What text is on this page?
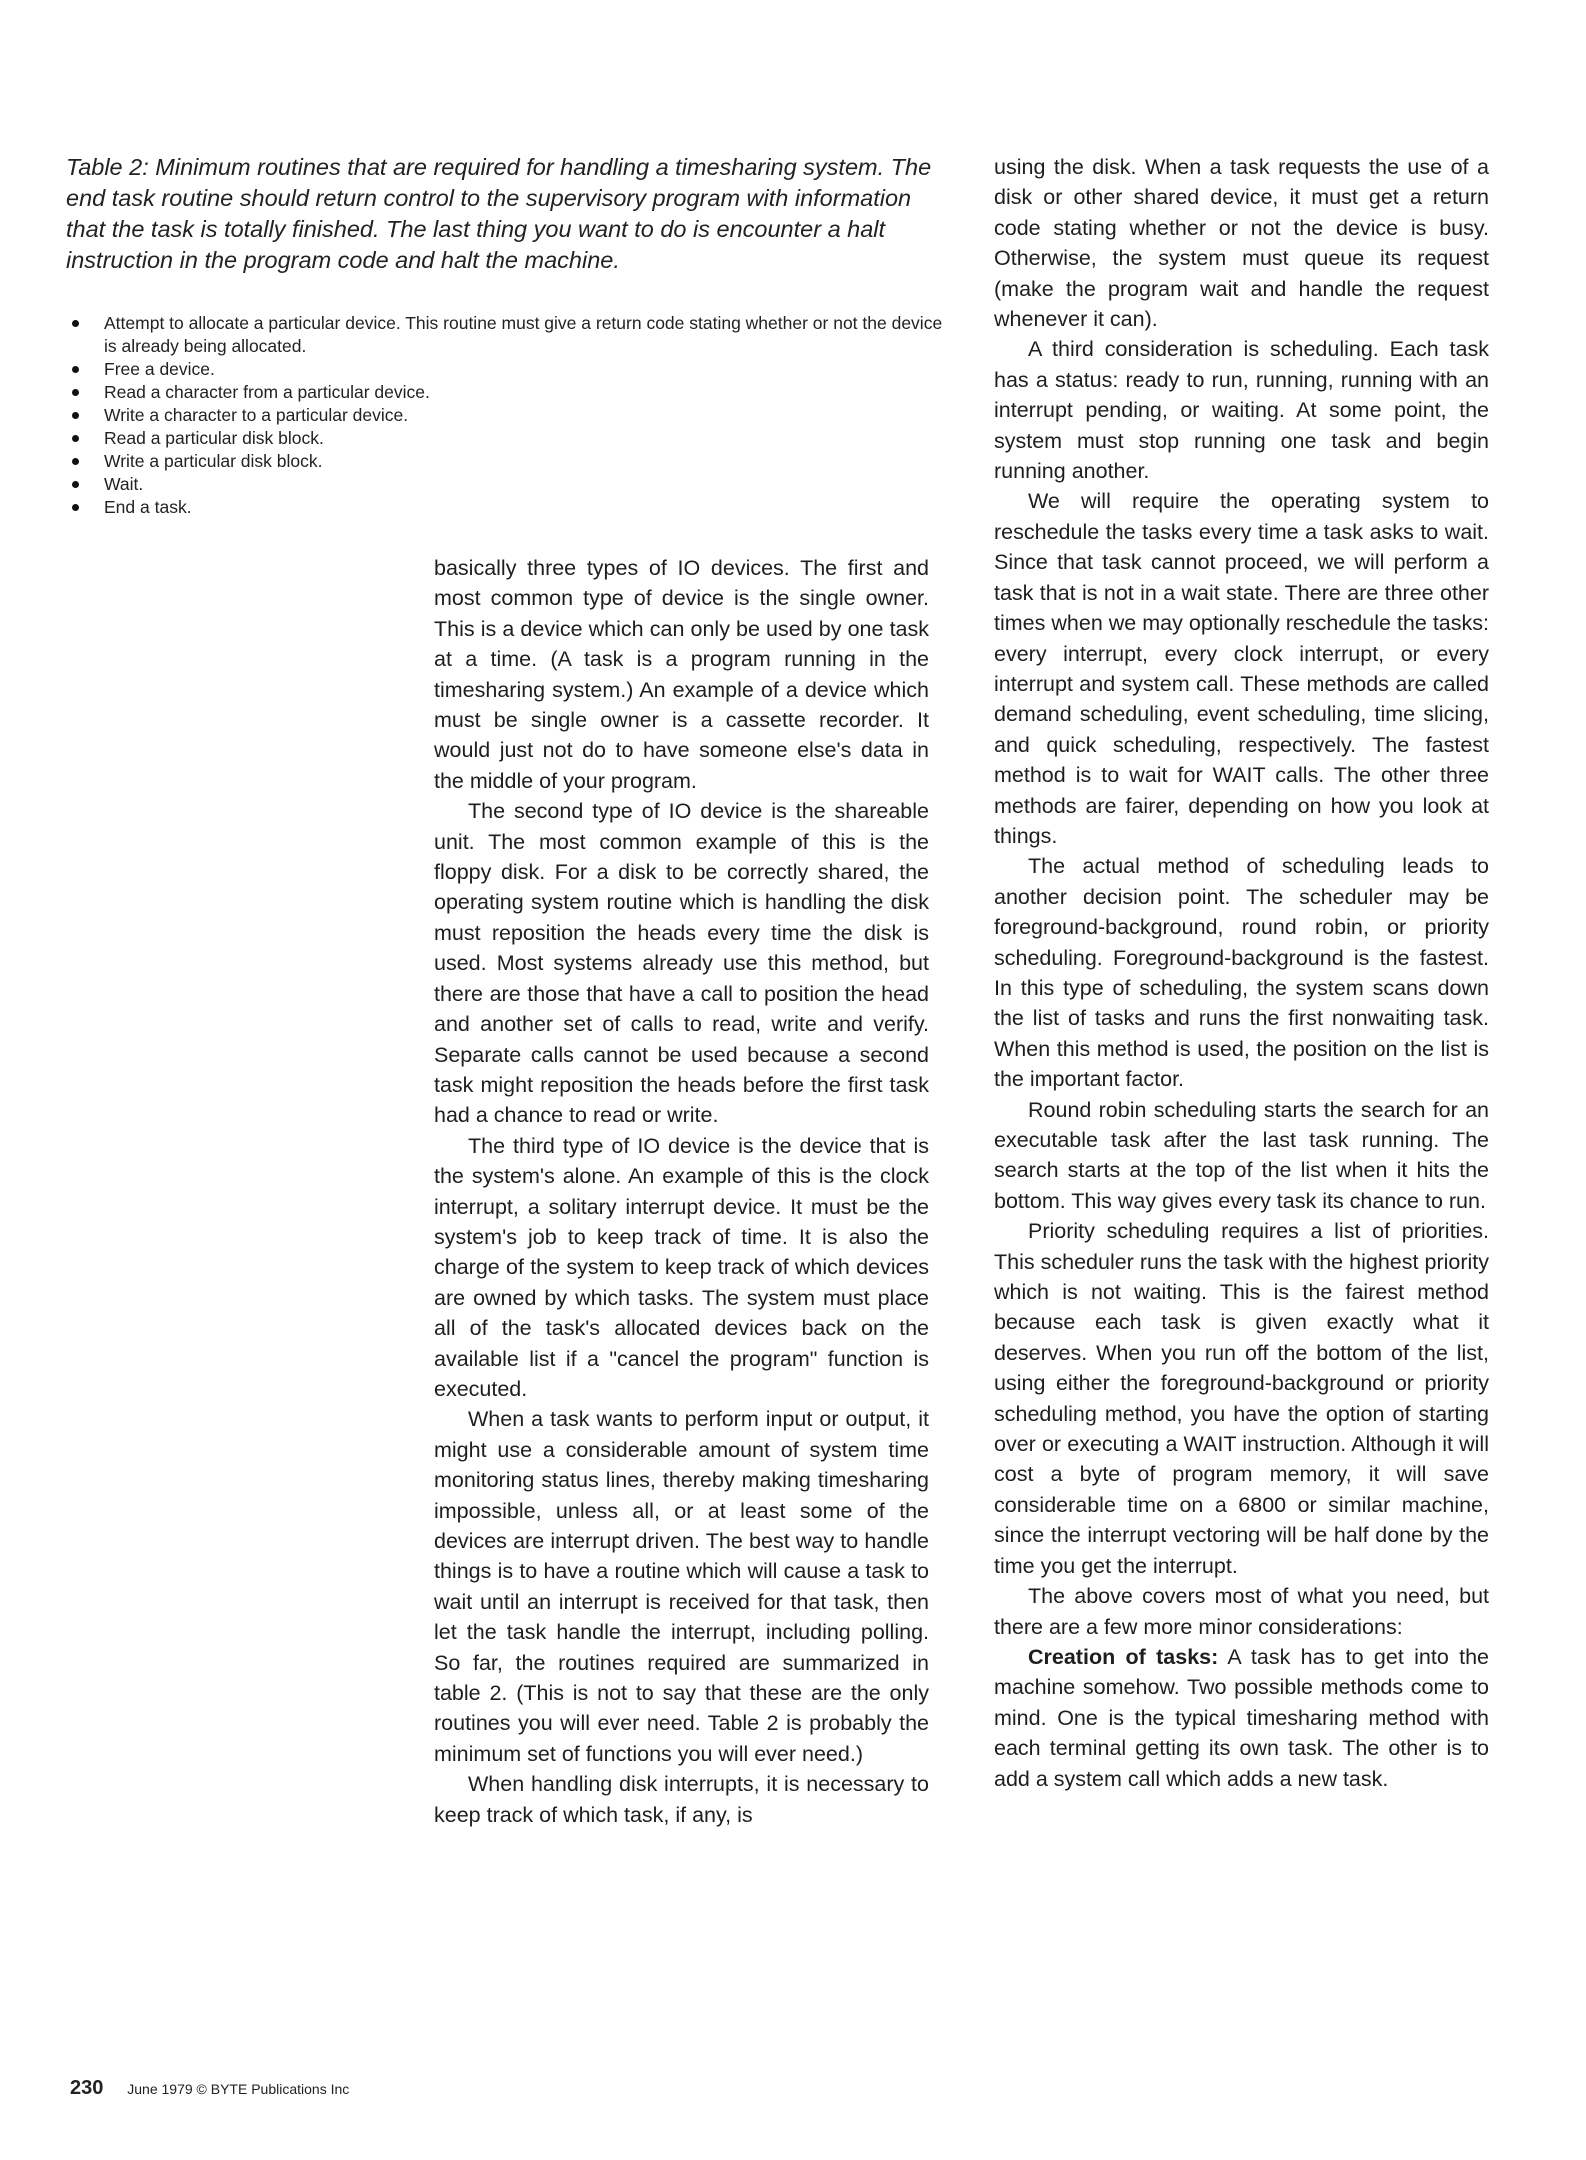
Table 2: Minimum routines that are required for handling a timesharing system. The end task routine should return control to the supervisory program with information that the task is totally finished. The last thing you want to do is encounter a halt instruction in the program code and halt the machine.
Attempt to allocate a particular device. This routine must give a return code stating whether or not the device is already being allocated.
Free a device.
Read a character from a particular device.
Write a character to a particular device.
Read a particular disk block.
Write a particular disk block.
Wait.
End a task.

basically three types of IO devices. The first and most common type of device is the single owner. This is a device which can only be used by one task at a time. (A task is a program running in the timesharing system.) An example of a device which must be single owner is a cassette recorder. It would just not do to have someone else's data in the middle of your program.

The second type of IO device is the shareable unit. The most common example of this is the floppy disk. For a disk to be correctly shared, the operating system routine which is handling the disk must reposition the heads every time the disk is used. Most systems already use this method, but there are those that have a call to position the head and another set of calls to read, write and verify. Separate calls cannot be used because a second task might reposition the heads before the first task had a chance to read or write.

The third type of IO device is the device that is the system's alone. An example of this is the clock interrupt, a solitary interrupt device. It must be the system's job to keep track of time. It is also the charge of the system to keep track of which devices are owned by which tasks. The system must place all of the task's allocated devices back on the available list if a "cancel the program" function is executed.

When a task wants to perform input or output, it might use a considerable amount of system time monitoring status lines, thereby making timesharing impossible, unless all, or at least some of the devices are interrupt driven. The best way to handle things is to have a routine which will cause a task to wait until an interrupt is received for that task, then let the task handle the interrupt, including polling. So far, the routines required are summarized in table 2. (This is not to say that these are the only routines you will ever need. Table 2 is probably the minimum set of functions you will ever need.)

When handling disk interrupts, it is necessary to keep track of which task, if any, is

using the disk. When a task requests the use of a disk or other shared device, it must get a return code stating whether or not the device is busy. Otherwise, the system must queue its request (make the program wait and handle the request whenever it can).

A third consideration is scheduling. Each task has a status: ready to run, running, running with an interrupt pending, or waiting. At some point, the system must stop running one task and begin running another.

We will require the operating system to reschedule the tasks every time a task asks to wait. Since that task cannot proceed, we will perform a task that is not in a wait state. There are three other times when we may optionally reschedule the tasks: every interrupt, every clock interrupt, or every interrupt and system call. These methods are called demand scheduling, event scheduling, time slicing, and quick scheduling, respectively. The fastest method is to wait for WAIT calls. The other three methods are fairer, depending on how you look at things.

The actual method of scheduling leads to another decision point. The scheduler may be foreground-background, round robin, or priority scheduling. Foreground-background is the fastest. In this type of scheduling, the system scans down the list of tasks and runs the first nonwaiting task. When this method is used, the position on the list is the important factor.

Round robin scheduling starts the search for an executable task after the last task running. The search starts at the top of the list when it hits the bottom. This way gives every task its chance to run.

Priority scheduling requires a list of priorities. This scheduler runs the task with the highest priority which is not waiting. This is the fairest method because each task is given exactly what it deserves. When you run off the bottom of the list, using either the foreground-background or priority scheduling method, you have the option of starting over or executing a WAIT instruction. Although it will cost a byte of program memory, it will save considerable time on a 6800 or similar machine, since the interrupt vectoring will be half done by the time you get the interrupt.

The above covers most of what you need, but there are a few more minor considerations:

Creation of tasks: A task has to get into the machine somehow. Two possible methods come to mind. One is the typical timesharing method with each terminal getting its own task. The other is to add a system call which adds a new task.

230 June 1979 © BYTE Publications Inc
